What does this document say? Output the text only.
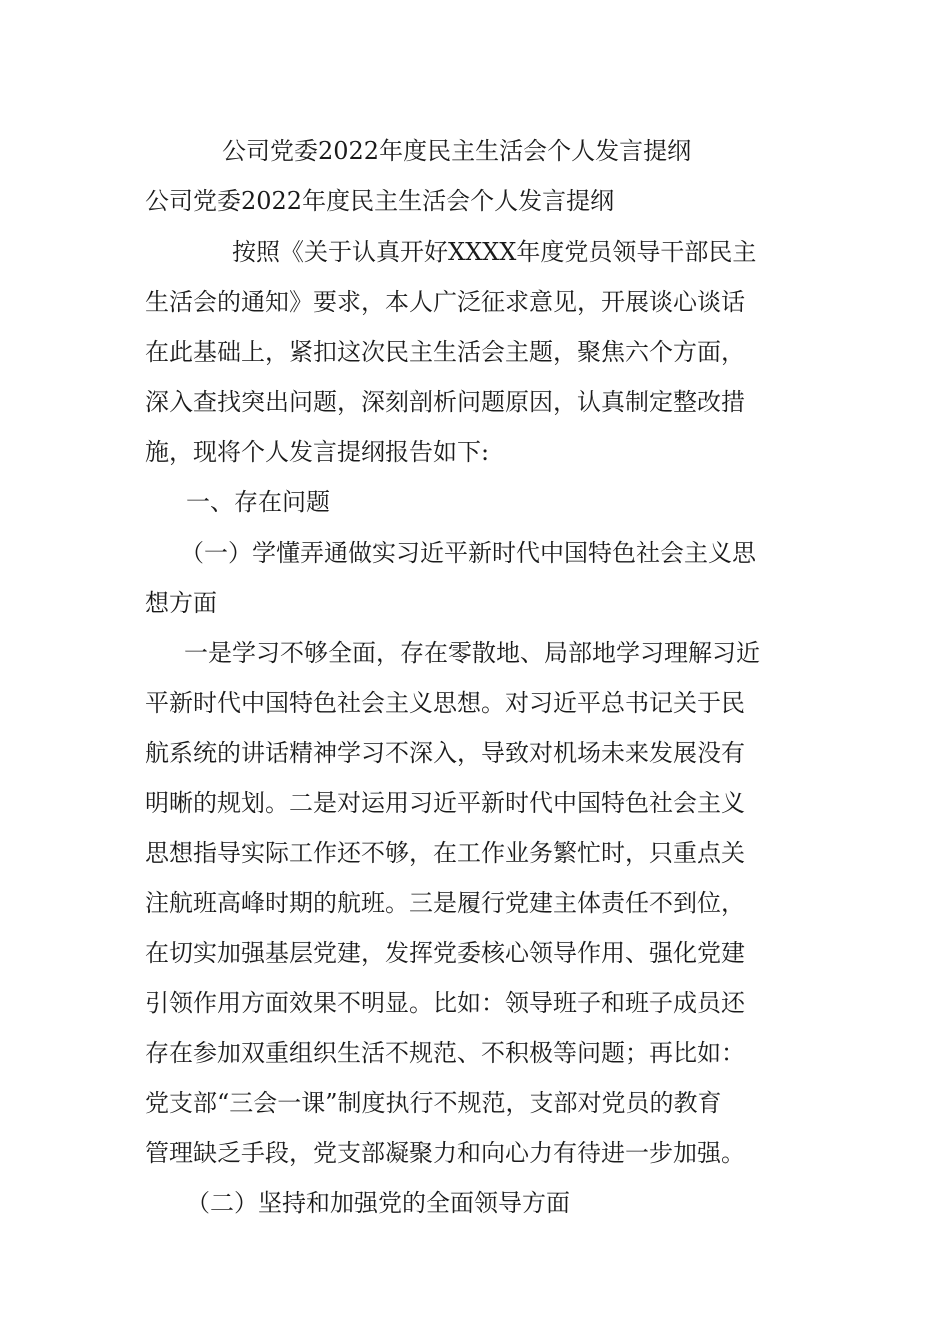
公司党委2022年度民主生活会个人发言提纲
公司党委2022年度民主生活会个人发言提纲
按照《关于认真开好XXXX年度党员领导干部民主
生活会的通知》要求，本人广泛征求意见，开展谈心谈话
在此基础上，紧扣这次民主生活会主题，聚焦六个方面，
深入查找突出问题，深刻剖析问题原因，认真制定整改措
施，现将个人发言提纲报告如下:
一、存在问题
（一）学懂弄通做实习近平新时代中国特色社会主义思
想方面
一是学习不够全面，存在零散地、局部地学习理解习近
平新时代中国特色社会主义思想。对习近平总书记关于民
航系统的讲话精神学习不深入，导致对机场未来发展没有
明晰的规划。二是对运用习近平新时代中国特色社会主义
思想指导实际工作还不够，在工作业务繁忙时，只重点关
注航班高峰时期的航班。三是履行党建主体责任不到位，
在切实加强基层党建，发挥党委核心领导作用、强化党建
引领作用方面效果不明显。比如：领导班子和班子成员还
存在参加双重组织生活不规范、不积极等问题；再比如：
党支部“三会一课”制度执行不规范，支部对党员的教育
管理缺乏手段，党支部凝聚力和向心力有待进一步加强。
（二）坚持和加强党的全面领导方面
